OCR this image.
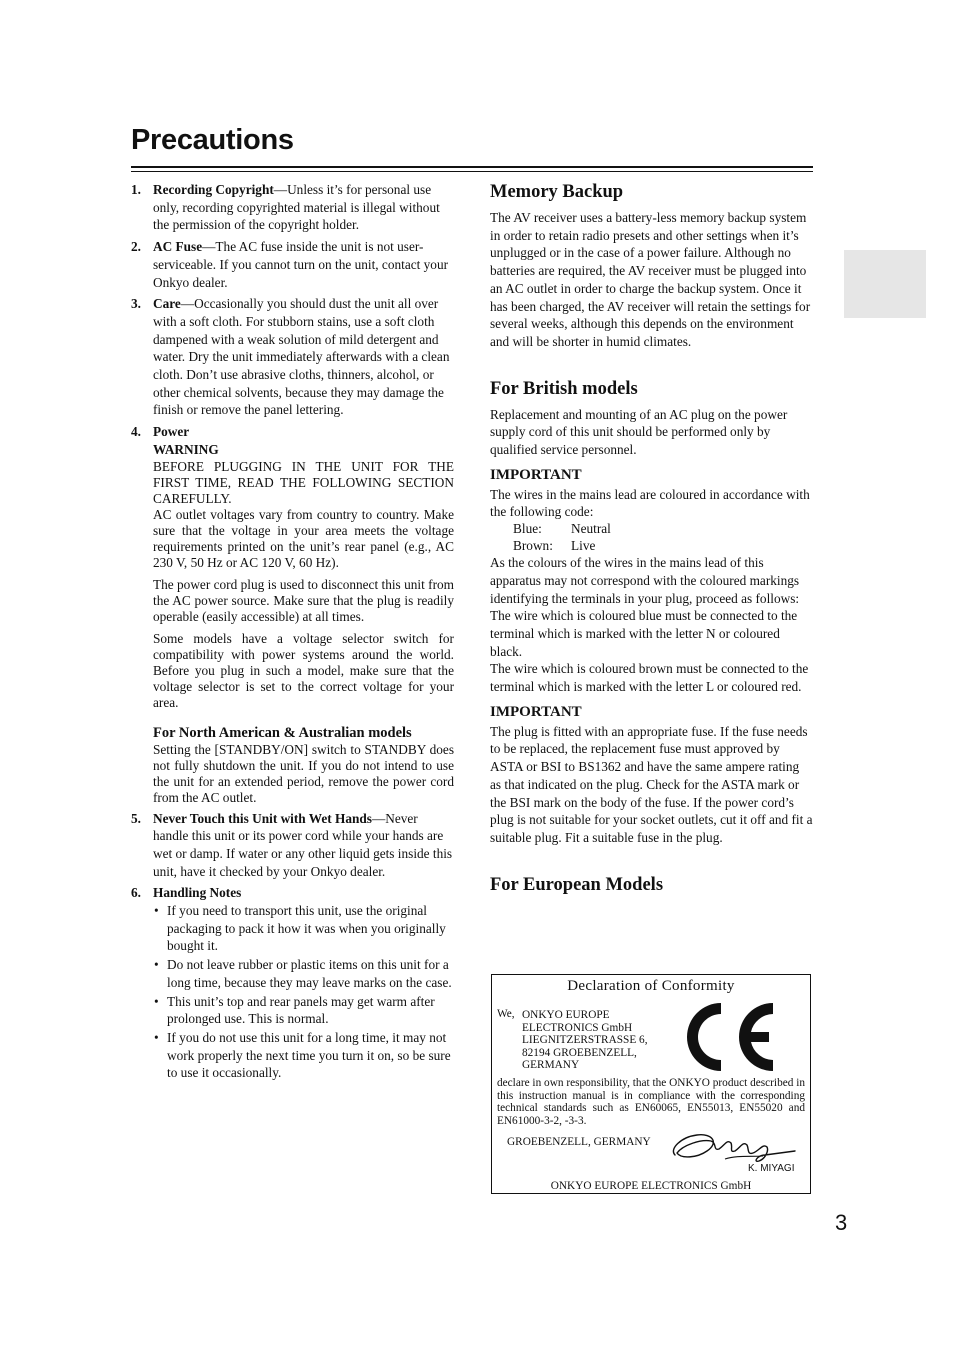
Precautions
1. Recording Copyright—Unless it’s for personal use only, recording copyrighted material is illegal without the permission of the copyright holder.
2. AC Fuse—The AC fuse inside the unit is not user-serviceable. If you cannot turn on the unit, contact your Onkyo dealer.
3. Care—Occasionally you should dust the unit all over with a soft cloth. For stubborn stains, use a soft cloth dampened with a weak solution of mild detergent and water. Dry the unit immediately afterwards with a clean cloth. Don’t use abrasive cloths, thinners, alcohol, or other chemical solvents, because they may damage the finish or remove the panel lettering.
4. Power
WARNING
BEFORE PLUGGING IN THE UNIT FOR THE FIRST TIME, READ THE FOLLOWING SECTION CAREFULLY.

AC outlet voltages vary from country to country. Make sure that the voltage in your area meets the voltage requirements printed on the unit’s rear panel (e.g., AC 230 V, 50 Hz or AC 120 V, 60 Hz).

The power cord plug is used to disconnect this unit from the AC power source. Make sure that the plug is readily operable (easily accessible) at all times.

Some models have a voltage selector switch for compatibility with power systems around the world. Before you plug in such a model, make sure that the voltage selector is set to the correct voltage for your area.

For North American & Australian models
Setting the [STANDBY/ON] switch to STANDBY does not fully shutdown the unit. If you do not intend to use the unit for an extended period, remove the power cord from the AC outlet.
5. Never Touch this Unit with Wet Hands—Never handle this unit or its power cord while your hands are wet or damp. If water or any other liquid gets inside this unit, have it checked by your Onkyo dealer.
6. Handling Notes
• If you need to transport this unit, use the original packaging to pack it how it was when you originally bought it.
• Do not leave rubber or plastic items on this unit for a long time, because they may leave marks on the case.
• This unit’s top and rear panels may get warm after prolonged use. This is normal.
• If you do not use this unit for a long time, it may not work properly the next time you turn it on, so be sure to use it occasionally.
Memory Backup

The AV receiver uses a battery-less memory backup system in order to retain radio presets and other settings when it’s unplugged or in the case of a power failure. Although no batteries are required, the AV receiver must be plugged into an AC outlet in order to charge the backup system. Once it has been charged, the AV receiver will retain the settings for several weeks, although this depends on the environment and will be shorter in humid climates.

For British models

Replacement and mounting of an AC plug on the power supply cord of this unit should be performed only by qualified service personnel.

IMPORTANT

The wires in the mains lead are coloured in accordance with the following code:

Blue: Neutral
Brown: Live

As the colours of the wires in the mains lead of this apparatus may not correspond with the coloured markings identifying the terminals in your plug, proceed as follows:

The wire which is coloured blue must be connected to the terminal which is marked with the letter N or coloured black.

The wire which is coloured brown must be connected to the terminal which is marked with the letter L or coloured red.

IMPORTANT

The plug is fitted with an appropriate fuse. If the fuse needs to be replaced, the replacement fuse must approved by ASTA or BSI to BS1362 and have the same ampere rating as that indicated on the plug. Check for the ASTA mark or the BSI mark on the body of the fuse. If the power cord’s plug is not suitable for your socket outlets, cut it off and fit a suitable plug. Fit a suitable fuse in the plug.

For European Models
Declaration of Conformity
We, ONKYO EUROPE
ELECTRONICS GmbH
LIEGNITZERSTRASSE 6,
82194 GROEBENZELL,
GERMANY
declare in own responsibility, that the ONKYO product described in this instruction manual is in compliance with the corresponding technical standards such as EN60065, EN55013, EN55020 and EN61000-3-2, -3-3.
GROEBENZELL, GERMANY
K. MIYAGI
ONKYO EUROPE ELECTRONICS GmbH
3
